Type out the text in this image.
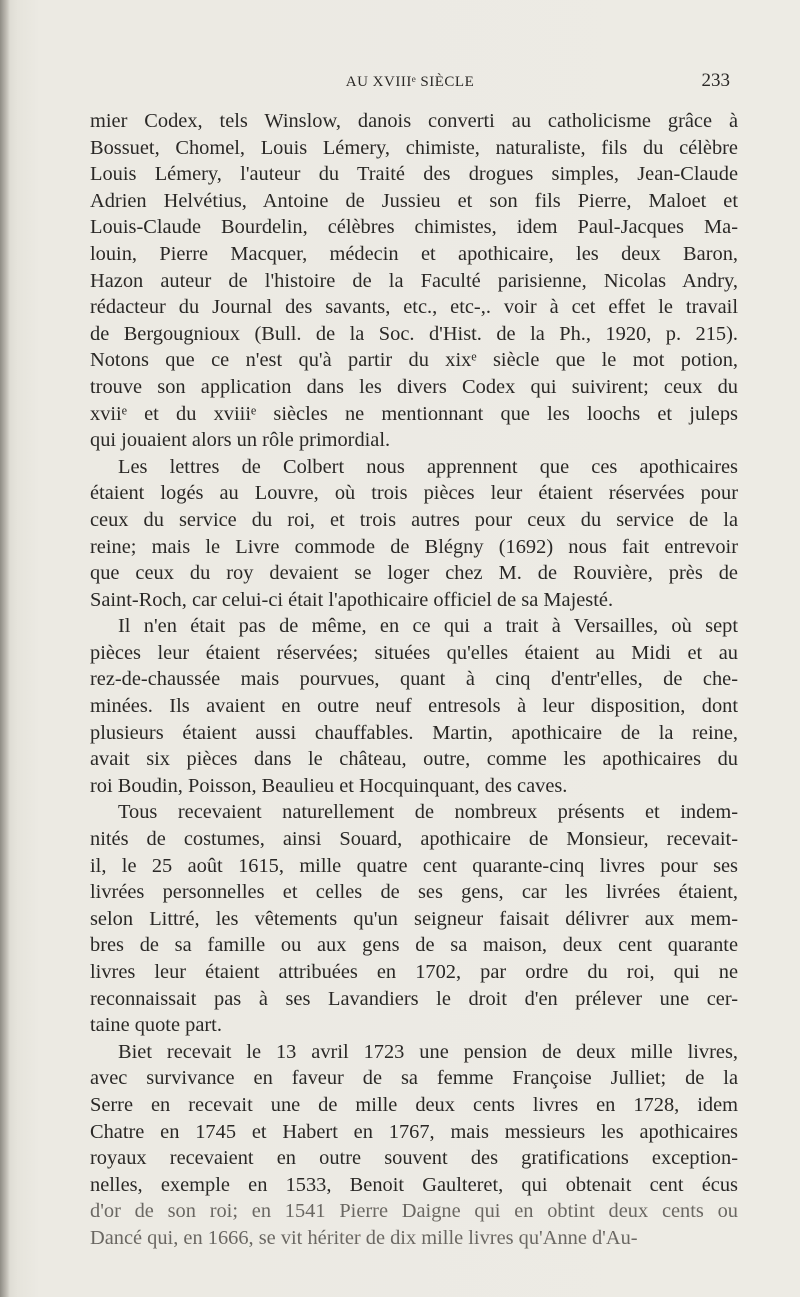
AU XVIIIᵉ SIÈCLE	233
mier Codex, tels Winslow, danois converti au catholicisme grâce à
Bossuet, Chomel, Louis Lémery, chimiste, naturaliste, fils du célèbre
Louis Lémery, l'auteur du Traité des drogues simples, Jean-Claude
Adrien Helvétius, Antoine de Jussieu et son fils Pierre, Maloet et
Louis-Claude Bourdelin, célèbres chimistes, idem Paul-Jacques Ma-
louin, Pierre Macquer, médecin et apothicaire, les deux Baron,
Hazon auteur de l'histoire de la Faculté parisienne, Nicolas Andry,
rédacteur du Journal des savants, etc., etc-,. voir à cet effet le travail
de Bergougnioux (Bull. de la Soc. d'Hist. de la Ph., 1920, p. 215).
Notons que ce n'est qu'à partir du xixᵉ siècle que le mot potion,
trouve son application dans les divers Codex qui suivirent; ceux du
xviiᵉ et du xviiiᵉ siècles ne mentionnant que les loochs et juleps
qui jouaient alors un rôle primordial.
Les lettres de Colbert nous apprennent que ces apothicaires
étaient logés au Louvre, où trois pièces leur étaient réservées pour
ceux du service du roi, et trois autres pour ceux du service de la
reine; mais le Livre commode de Blégny (1692) nous fait entrevoir
que ceux du roy devaient se loger chez M. de Rouvière, près de
Saint-Roch, car celui-ci était l'apothicaire officiel de sa Majesté.
Il n'en était pas de même, en ce qui a trait à Versailles, où sept
pièces leur étaient réservées; situées qu'elles étaient au Midi et au
rez-de-chaussée mais pourvues, quant à cinq d'entr'elles, de che-
minées. Ils avaient en outre neuf entresols à leur disposition, dont
plusieurs étaient aussi chauffables. Martin, apothicaire de la reine,
avait six pièces dans le château, outre, comme les apothicaires du
roi Boudin, Poisson, Beaulieu et Hocquinquant, des caves.
Tous recevaient naturellement de nombreux présents et indem-
nités de costumes, ainsi Souard, apothicaire de Monsieur, recevait-
il, le 25 août 1615, mille quatre cent quarante-cinq livres pour ses
livrées personnelles et celles de ses gens, car les livrées étaient,
selon Littré, les vêtements qu'un seigneur faisait délivrer aux mem-
bres de sa famille ou aux gens de sa maison, deux cent quarante
livres leur étaient attribuées en 1702, par ordre du roi, qui ne
reconnaissait pas à ses Lavandiers le droit d'en prélever une cer-
taine quote part.
Biet recevait le 13 avril 1723 une pension de deux mille livres,
avec survivance en faveur de sa femme Françoise Julliet; de la
Serre en recevait une de mille deux cents livres en 1728, idem
Chatre en 1745 et Habert en 1767, mais messieurs les apothicaires
royaux recevaient en outre souvent des gratifications exception-
nelles, exemple en 1533, Benoit Gaulteret, qui obtenait cent écus
d'or de son roi; en 1541 Pierre Daigne qui en obtint deux cents ou
Dancé qui, en 1666, se vit hériter de dix mille livres qu'Anne d'Au-
